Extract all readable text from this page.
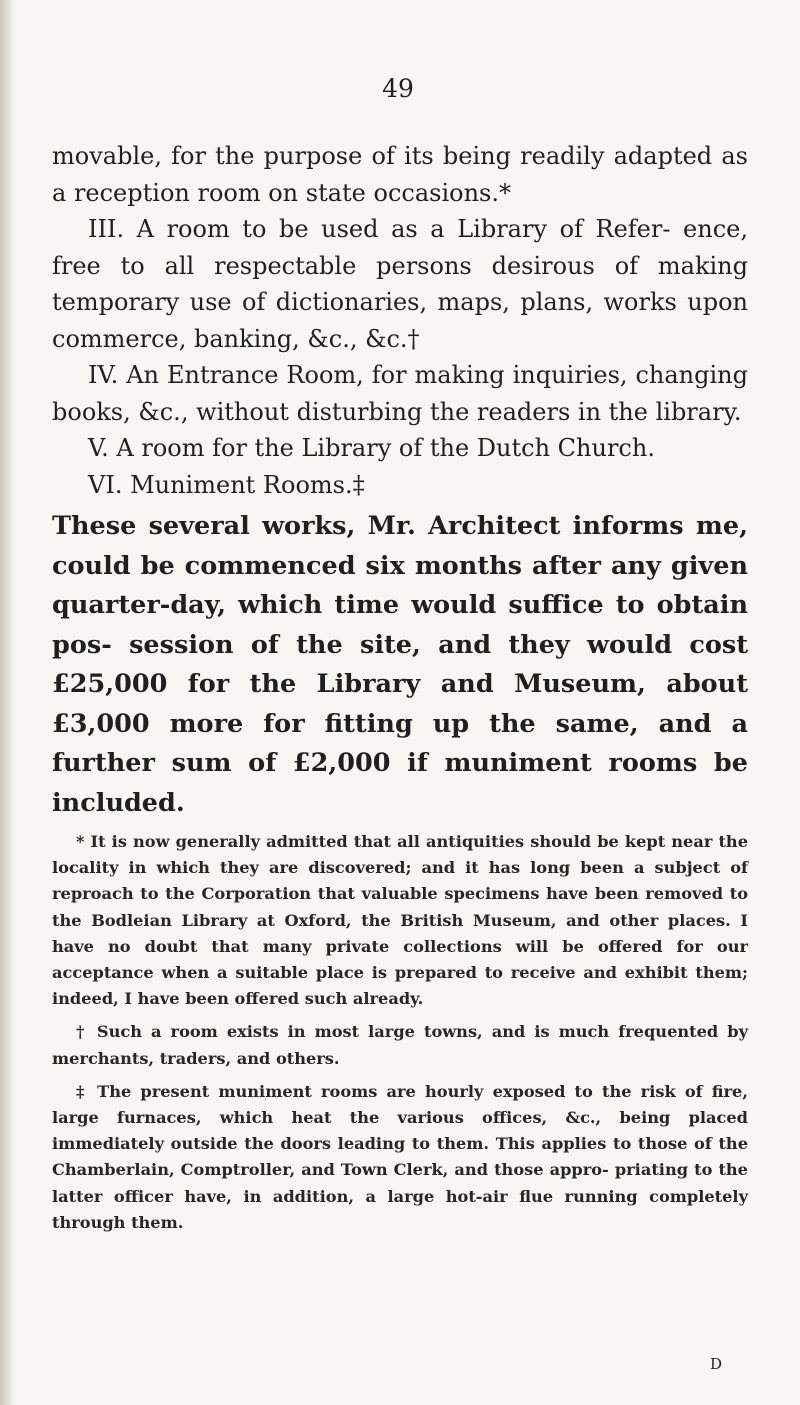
49

movable, for the purpose of its being readily adapted as a reception room on state occasions.*

III. A room to be used as a Library of Refer- ence, free to all respectable persons desirous of making temporary use of dictionaries, maps, plans, works upon commerce, banking, &c., &c.†

IV. An Entrance Room, for making inquiries, changing books, &c., without disturbing the readers in the library.

V. A room for the Library of the Dutch Church.

VI. Muniment Rooms.‡

These several works, Mr. Architect informs me, could be commenced six months after any given quarter-day, which time would suffice to obtain pos- session of the site, and they would cost £25,000 for the Library and Museum, about £3,000 more for fitting up the same, and a further sum of £2,000 if muniment rooms be included.

* It is now generally admitted that all antiquities should be kept near the locality in which they are discovered; and it has long been a subject of reproach to the Corporation that valuable specimens have been removed to the Bodleian Library at Oxford, the British Museum, and other places. I have no doubt that many private collections will be offered for our acceptance when a suitable place is prepared to receive and exhibit them; indeed, I have been offered such already.

† Such a room exists in most large towns, and is much frequented by merchants, traders, and others.

‡ The present muniment rooms are hourly exposed to the risk of fire, large furnaces, which heat the various offices, &c., being placed immediately outside the doors leading to them. This applies to those of the Chamberlain, Comptroller, and Town Clerk, and those appro- priating to the latter officer have, in addition, a large hot-air flue running completely through them.

D
